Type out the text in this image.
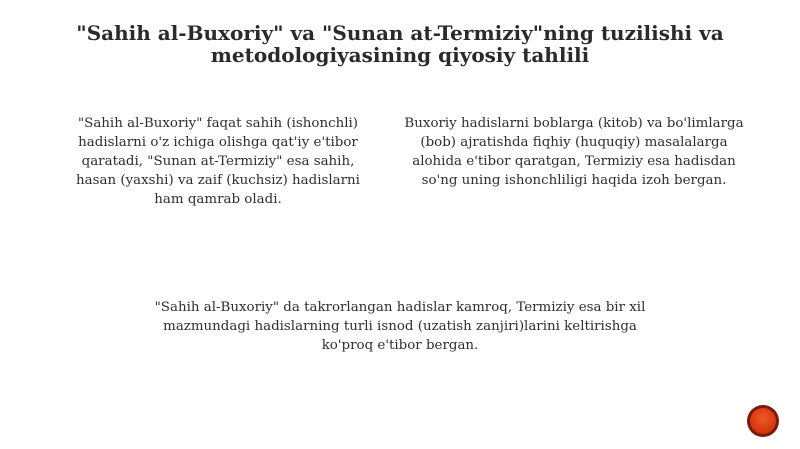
"Sahih al-Buxoriy" va "Sunan at-Termiziy"ning tuzilishi va metodologiyasining qiyosiy tahlili
"Sahih al-Buxoriy" faqat sahih (ishonchli) hadislarni o'z ichiga olishga qat'iy e'tibor qaratadi, "Sunan at-Termiziy" esa sahih, hasan (yaxshi) va zaif (kuchsiz) hadislarni ham qamrab oladi.
Buxoriy hadislarni boblarga (kitob) va bo'limlarga (bob) ajratishda fiqhiy (huquqiy) masalalarga alohida e'tibor qaratgan, Termiziy esa hadisdan so'ng uning ishonchliligi haqida izoh bergan.
"Sahih al-Buxoriy" da takrorlangan hadislar kamroq, Termiziy esa bir xil mazmundagi hadislarning turli isnod (uzatish zanjiri)larini keltirishga ko'proq e'tibor bergan.
